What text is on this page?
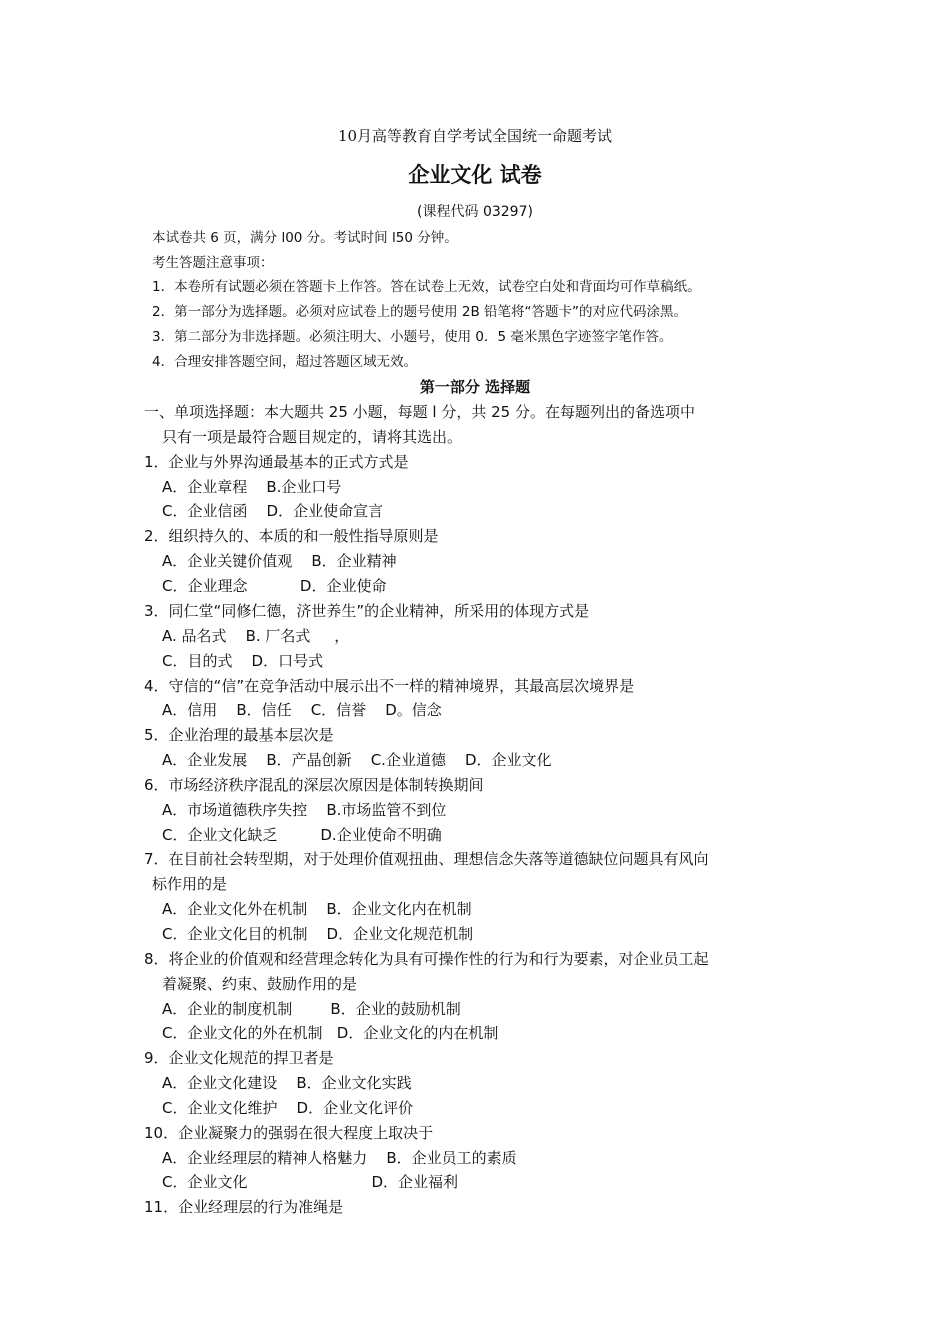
10月高等教育自学考试全国统一命题考试
企业文化 试卷
(课程代码 03297)
本试卷共 6 页，满分 l00 分。考试时间 l50 分钟。
考生答题注意事项：
1．本卷所有试题必须在答题卡上作答。答在试卷上无效，试卷空白处和背面均可作草稿纸。
2．第一部分为选择题。必须对应试卷上的题号使用 2B 铅笔将“答题卡”的对应代码涂黑。
3．第二部分为非选择题。必须注明大、小题号，使用 0．5 毫米黑色字迹签字笔作答。
4．合理安排答题空间，超过答题区域无效。
第一部分 选择题
一、单项选择题：本大题共 25 小题，每题 l 分，共 25 分。在每题列出的备选项中
只有一项是最符合题目规定的，请将其选出。
1．企业与外界沟通最基本的正式方式是
A．企业章程    B.企业口号
C．企业信函    D．企业使命宣言
2．组织持久的、本质的和一般性指导原则是
A．企业关键价值观    B．企业精神
C．企业理念           D．企业使命
3．同仁堂“同修仁德，济世养生”的企业精神，所采用的体现方式是
A. 品名式    B. 厂名式     ，
C．目的式    D．口号式
4．守信的“信”在竞争活动中展示出不一样的精神境界，其最高层次境界是
A．信用    B．信任    C．信誉    D。信念
5．企业治理的最基本层次是
A．企业发展    B．产晶创新    C.企业道德    D．企业文化
6．市场经济秩序混乱的深层次原因是体制转换期间
A．市场道德秩序失控    B.市场监管不到位
C．企业文化缺乏         D.企业使命不明确
7．在目前社会转型期，对于处理价值观扭曲、理想信念失落等道德缺位问题具有风向
标作用的是
A．企业文化外在机制    B．企业文化内在机制
C．企业文化目的机制    D．企业文化规范机制
8．将企业的价值观和经营理念转化为具有可操作性的行为和行为要素，对企业员工起
着凝聚、约束、鼓励作用的是
A．企业的制度机制        B．企业的鼓励机制
C．企业文化的外在机制   D．企业文化的内在机制
9．企业文化规范的捍卫者是
A．企业文化建设    B．企业文化实践
C．企业文化维护    D．企业文化评价
10．企业凝聚力的强弱在很大程度上取决于
A．企业经理层的精神人格魅力    B．企业员工的素质
C．企业文化                          D．企业福利
11．企业经理层的行为准绳是
